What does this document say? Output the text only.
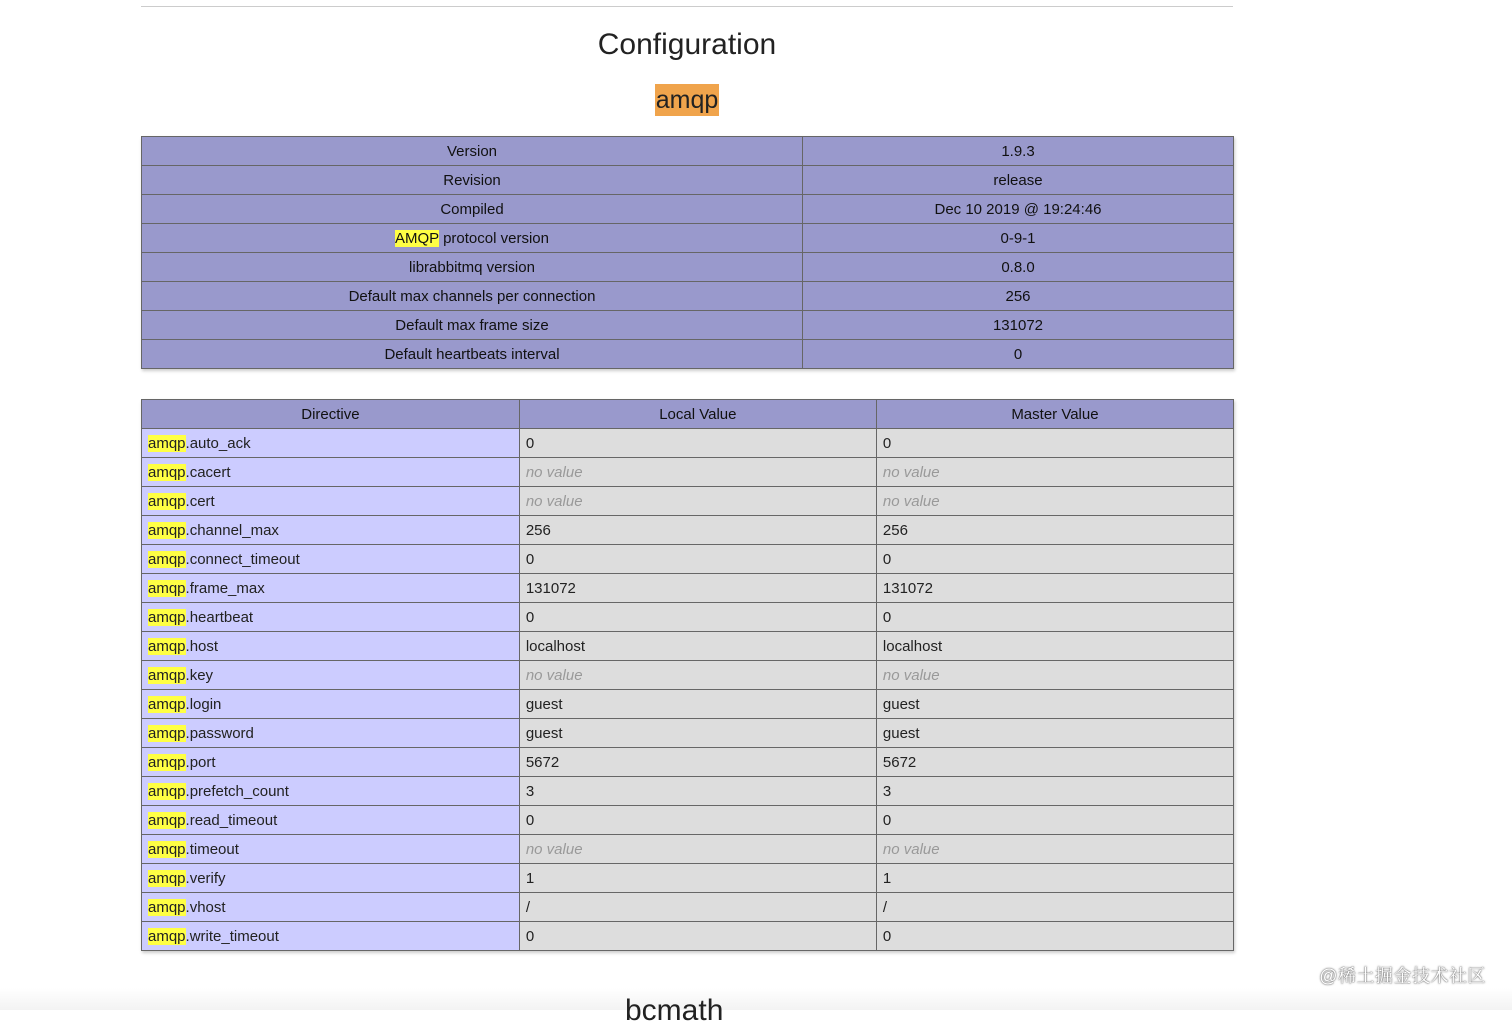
Configuration
amqp
Version	1.9.3
Revision	release
Compiled	Dec 10 2019 @ 19:24:46
AMQP protocol version	0-9-1
librabbitmq version	0.8.0
Default max channels per connection	256
Default max frame size	131072
Default heartbeats interval	0
Directive	Local Value	Master Value
amqp.auto_ack	0	0
amqp.cacert	no value	no value
amqp.cert	no value	no value
amqp.channel_max	256	256
amqp.connect_timeout	0	0
amqp.frame_max	131072	131072
amqp.heartbeat	0	0
amqp.host	localhost	localhost
amqp.key	no value	no value
amqp.login	guest	guest
amqp.password	guest	guest
amqp.port	5672	5672
amqp.prefetch_count	3	3
amqp.read_timeout	0	0
amqp.timeout	no value	no value
amqp.verify	1	1
amqp.vhost	/	/
amqp.write_timeout	0	0
bcmath
@稀土掘金技术社区
